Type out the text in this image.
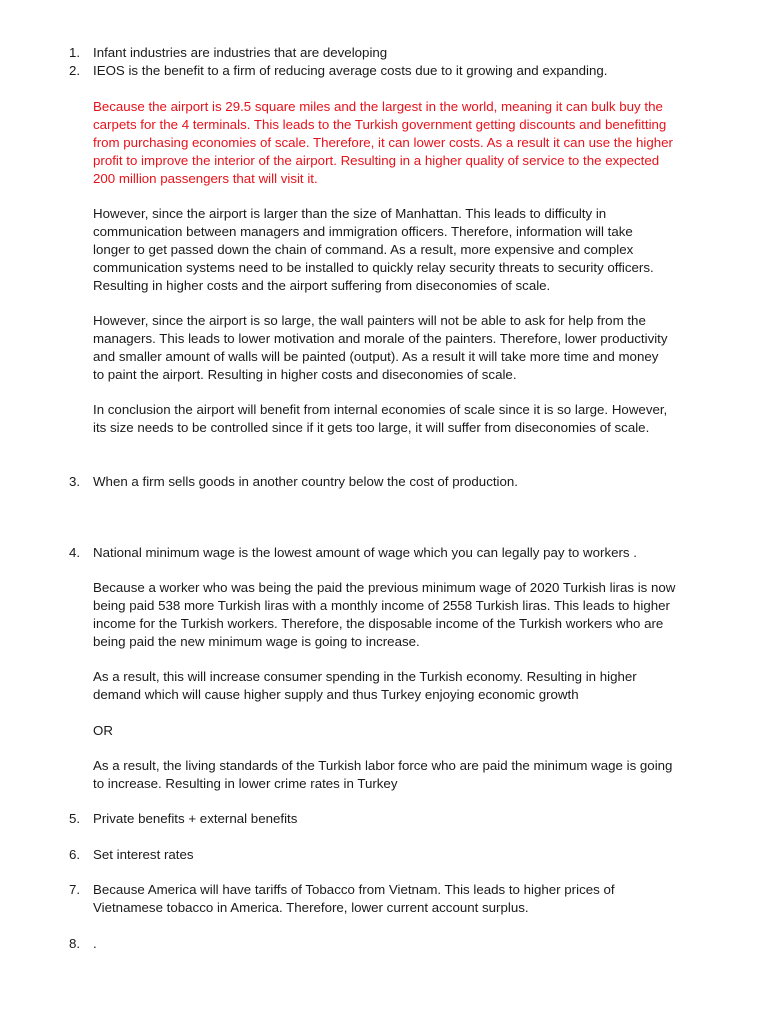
1. Infant industries are industries that are developing
2. IEOS is the benefit to a firm of reducing average costs due to it growing and expanding.
Because the airport is 29.5 square miles and the largest in the world, meaning it can bulk buy the
carpets for the 4 terminals. This leads to the Turkish government getting discounts and benefitting
from purchasing economies of scale. Therefore, it can lower costs. As a result it can use the higher
profit to improve the interior of the airport. Resulting in a higher quality of service to the expected
200 million passengers that will visit it.
However, since the airport is larger than the size of Manhattan. This leads to difficulty in
communication between managers and immigration officers. Therefore, information will take
longer to get passed down the chain of command. As a result, more expensive and complex
communication systems need to be installed to quickly relay security threats to security officers.
Resulting in higher costs and the airport suffering from diseconomies of scale.
However, since the airport is so large, the wall painters will not be able to ask for help from the
managers. This leads to lower motivation and morale of the painters. Therefore, lower productivity
and smaller amount of walls will be painted (output). As a result it will take more time and money
to paint the airport. Resulting in higher costs and diseconomies of scale.
In conclusion the airport will benefit from internal economies of scale since it is so large. However,
its size needs to be controlled since if it gets too large, it will suffer from diseconomies of scale.
3. When a firm sells goods in another country below the cost of production.
4. National minimum wage is the lowest amount of wage which you can legally pay to workers .
Because a worker who was being the paid the previous minimum wage of 2020 Turkish liras is now
being paid 538 more Turkish liras with a monthly income of 2558 Turkish liras. This leads to higher
income for the Turkish workers. Therefore, the disposable income of the Turkish workers who are
being paid the new minimum wage is going to increase.
As a result, this will increase consumer spending in the Turkish economy. Resulting in higher
demand which will cause higher supply and thus Turkey enjoying economic growth
OR
As a result, the living standards of the Turkish labor force who are paid the minimum wage is going
to increase. Resulting in lower crime rates in Turkey
5. Private benefits + external benefits
6. Set interest rates
7. Because America will have tariffs of Tobacco from Vietnam. This leads to higher prices of
Vietnamese tobacco in America. Therefore, lower current account surplus.
8. .
